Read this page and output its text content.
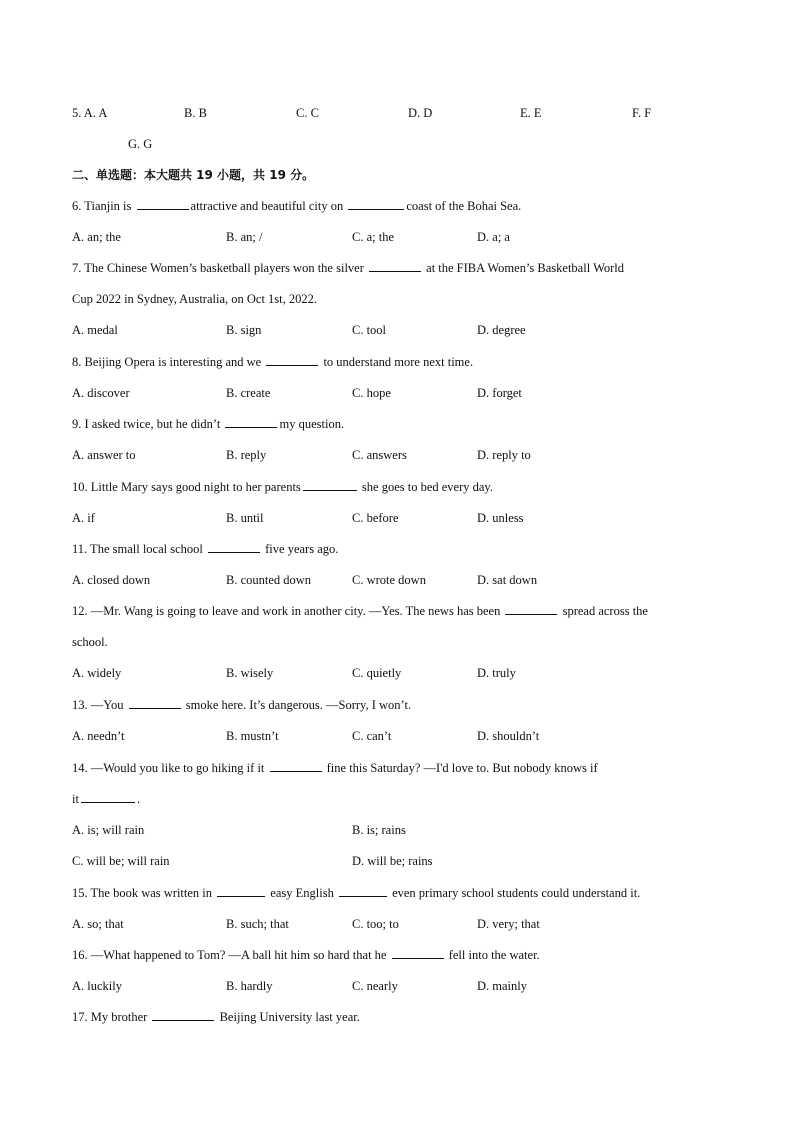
5. A. A	B. B	C. C	D. D	E. E	F. F
G. G
二、单选题：本大题共 19 小题，共 19 分。
6. Tianjin is	attractive and beautiful city on	coast of the Bohai Sea.
A. an; the	B. an; /	C. a; the	D. a; a
7. The Chinese Women’s basketball players won the silver	at the FIBA Women’s Basketball World
Cup 2022 in Sydney, Australia, on Oct 1st, 2022.
A. medal	B. sign	C. tool	D. degree
8. Beijing Opera is interesting and we	to understand more next time.
A. discover	B. create	C. hope	D. forget
9. I asked twice, but he didn’t	my question.
A. answer to	B. reply	C. answers	D. reply to
10. Little Mary says good night to her parents	she goes to bed every day.
A. if	B. until	C. before	D. unless
11. The small local school	five years ago.
A. closed down	B. counted down	C. wrote down	D. sat down
12. —Mr. Wang is going to leave and work in another city. —Yes. The news has been	spread across the
school.
A. widely	B. wisely	C. quietly	D. truly
13. —You	smoke here. It’s dangerous. —Sorry, I won’t.
A. needn’t	B. mustn’t	C. can’t	D. shouldn’t
14. —Would you like to go hiking if it	fine this Saturday? —I'd love to. But nobody knows if
it	.
A. is; will rain	B. is; rains
C. will be; will rain	D. will be; rains
15. The book was written in	easy English	even primary school students could understand it.
A. so; that	B. such; that	C. too; to	D. very; that
16. —What happened to Tom? —A ball hit him so hard that he	fell into the water.
A. luckily	B. hardly	C. nearly	D. mainly
17. My brother	Beijing University last year.
